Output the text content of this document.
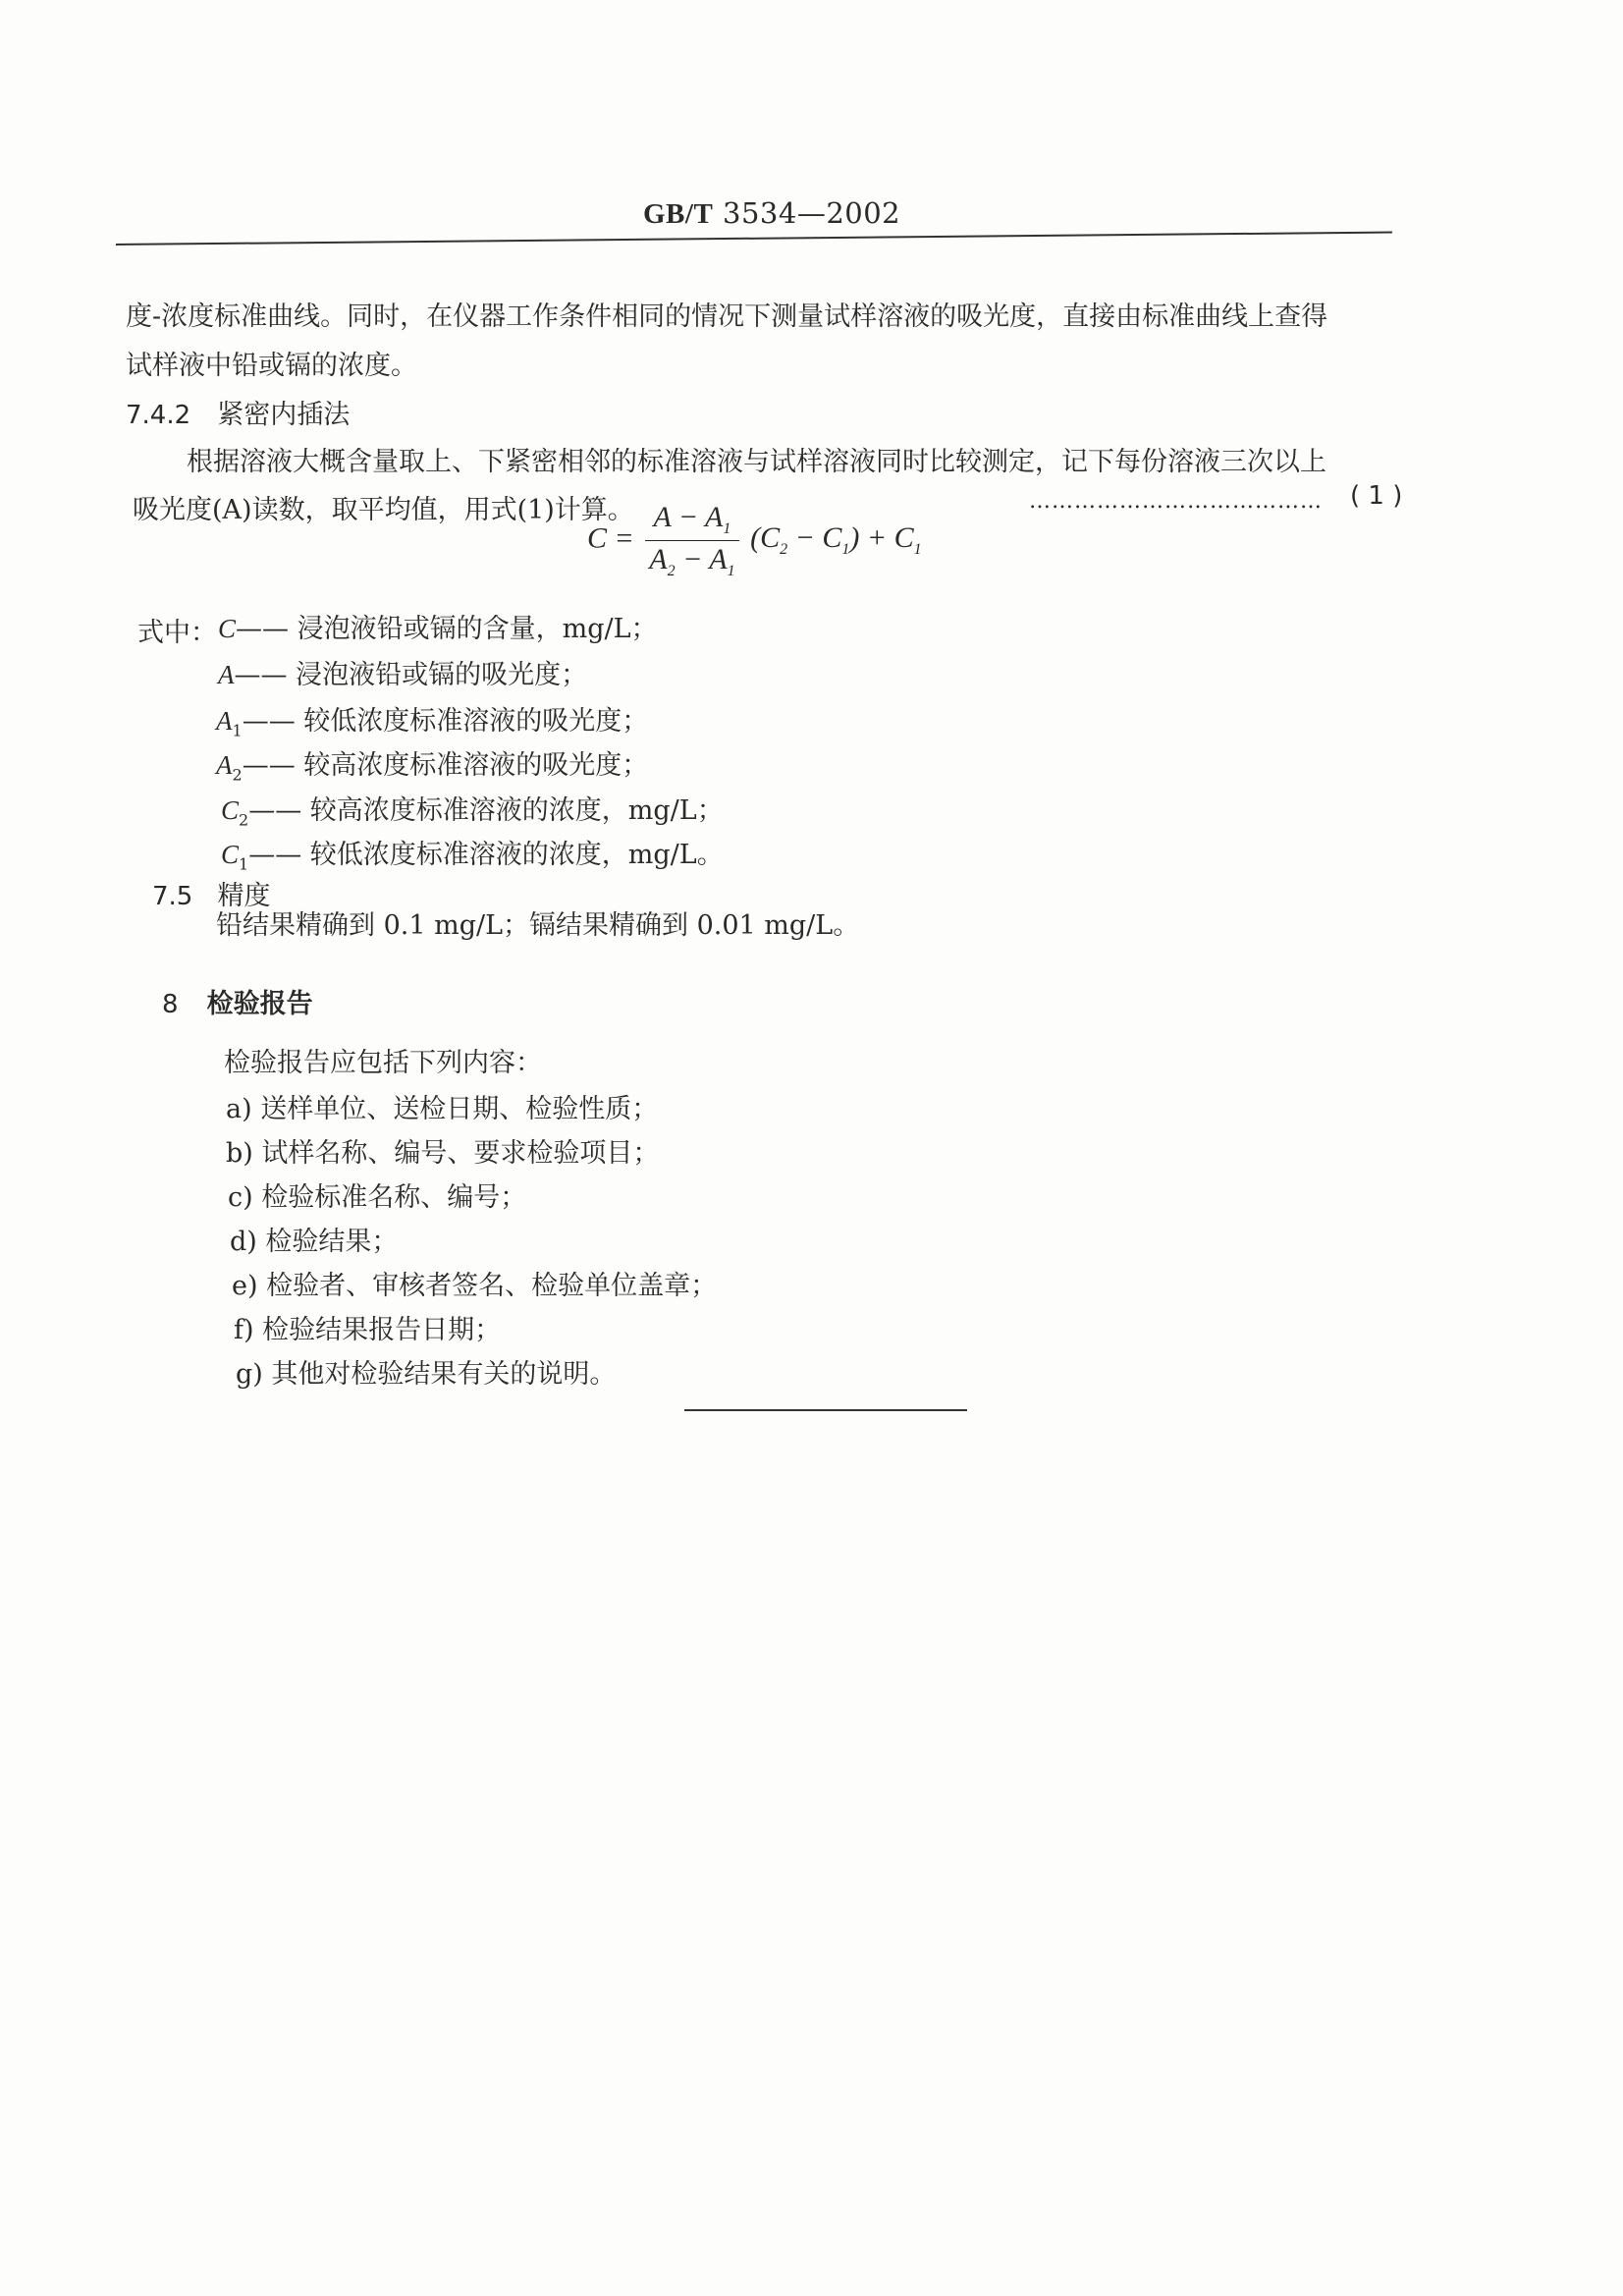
GB/T 3534—2002
度-浓度标准曲线。同时，在仪器工作条件相同的情况下测量试样溶液的吸光度，直接由标准曲线上查得
试样液中铅或镉的浓度。
7.4.2 紧密内插法
根据溶液大概含量取上、下紧密相邻的标准溶液与试样溶液同时比较测定，记下每份溶液三次以上
吸光度(A)读数，取平均值，用式(1)计算。
$C = \frac{A - A_1}{A_2 - A_1} (C_2 - C_1) + C_1$
………………………………… ( 1 )
式中： C—— 浸泡液铅或镉的含量，mg/L；
A—— 浸泡液铅或镉的吸光度；
$A_1——$ 较低浓度标准溶液的吸光度；
$A_2——$ 较高浓度标准溶液的吸光度；
$C_2——$ 较高浓度标准溶液的浓度，mg/L；
$C_1——$ 较低浓度标准溶液的浓度，mg/L。
7.5 精度
铅结果精确到 0.1 mg/L；镉结果精确到 0.01 mg/L。
8 检验报告
检验报告应包括下列内容：
a) 送样单位、送检日期、检验性质；
b) 试样名称、编号、要求检验项目；
c) 检验标准名称、编号；
d) 检验结果；
e) 检验者、审核者签名、检验单位盖章；
f) 检验结果报告日期；
g) 其他对检验结果有关的说明。
